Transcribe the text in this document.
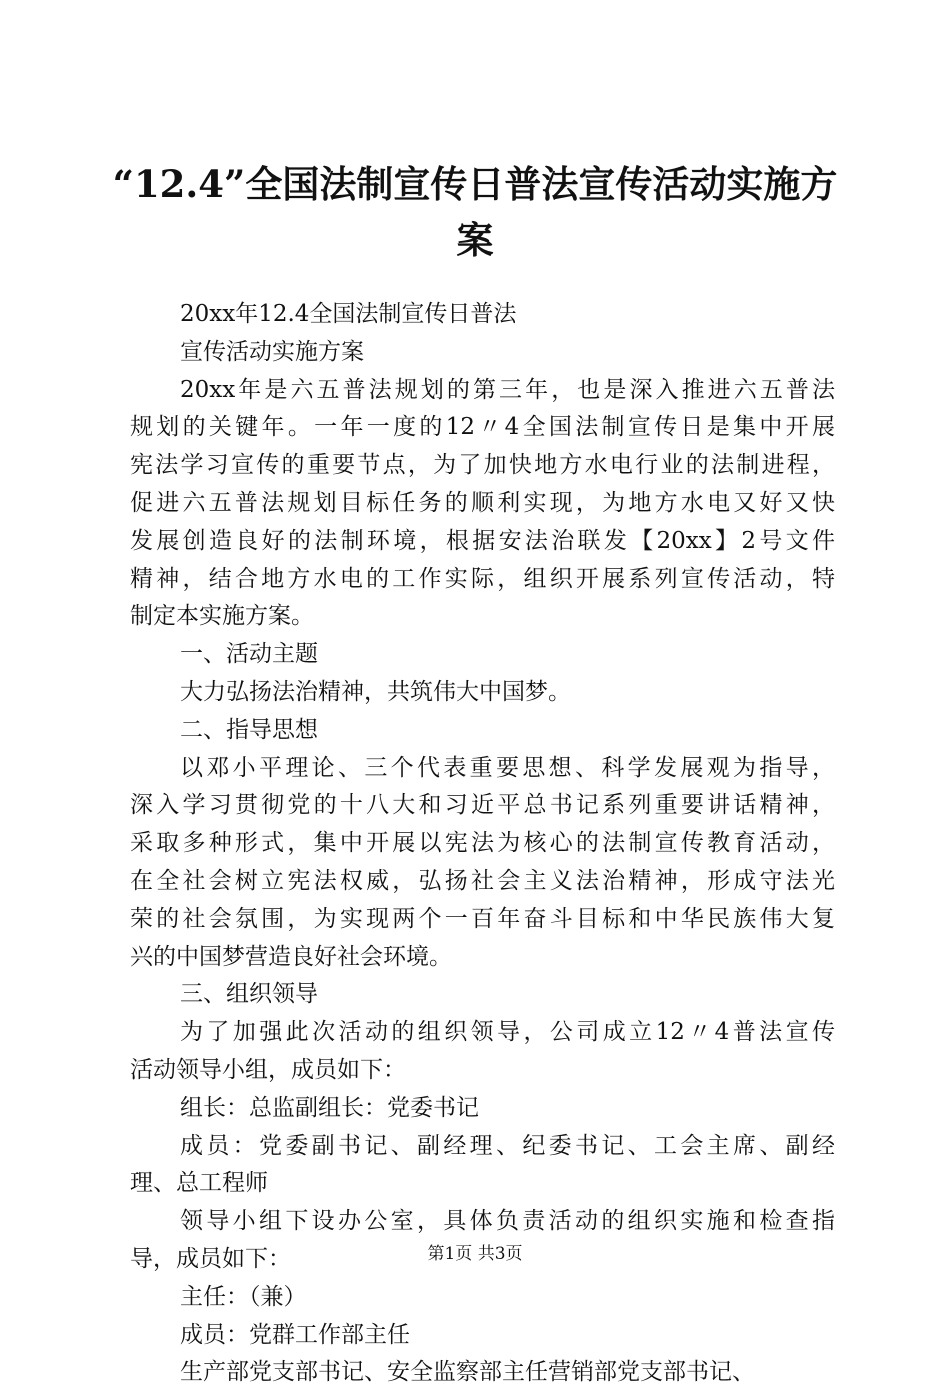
“12.4”全国法制宣传日普法宣传活动实施方
案
20xx年12.4全国法制宣传日普法
宣传活动实施方案
20xx年是六五普法规划的第三年，也是深入推进六五普法
规划的关键年。一年一度的12〃4全国法制宣传日是集中开展
宪法学习宣传的重要节点，为了加快地方水电行业的法制进程，
促进六五普法规划目标任务的顺利实现，为地方水电又好又快
发展创造良好的法制环境，根据安法治联发【20xx】2号文件
精神，结合地方水电的工作实际，组织开展系列宣传活动，特
制定本实施方案。
一、活动主题
大力弘扬法治精神，共筑伟大中国梦。
二、指导思想
以邓小平理论、三个代表重要思想、科学发展观为指导，
深入学习贯彻党的十八大和习近平总书记系列重要讲话精神，
采取多种形式，集中开展以宪法为核心的法制宣传教育活动，
在全社会树立宪法权威，弘扬社会主义法治精神，形成守法光
荣的社会氛围，为实现两个一百年奋斗目标和中华民族伟大复
兴的中国梦营造良好社会环境。
三、组织领导
为了加强此次活动的组织领导，公司成立12〃4普法宣传
活动领导小组，成员如下：
组长：总监副组长：党委书记
成员：党委副书记、副经理、纪委书记、工会主席、副经
理、总工程师
领导小组下设办公室，具体负责活动的组织实施和检查指
导，成员如下：
主任：（兼）
成员：党群工作部主任
生产部党支部书记、安全监察部主任营销部党支部书记、
第1页 共3页
